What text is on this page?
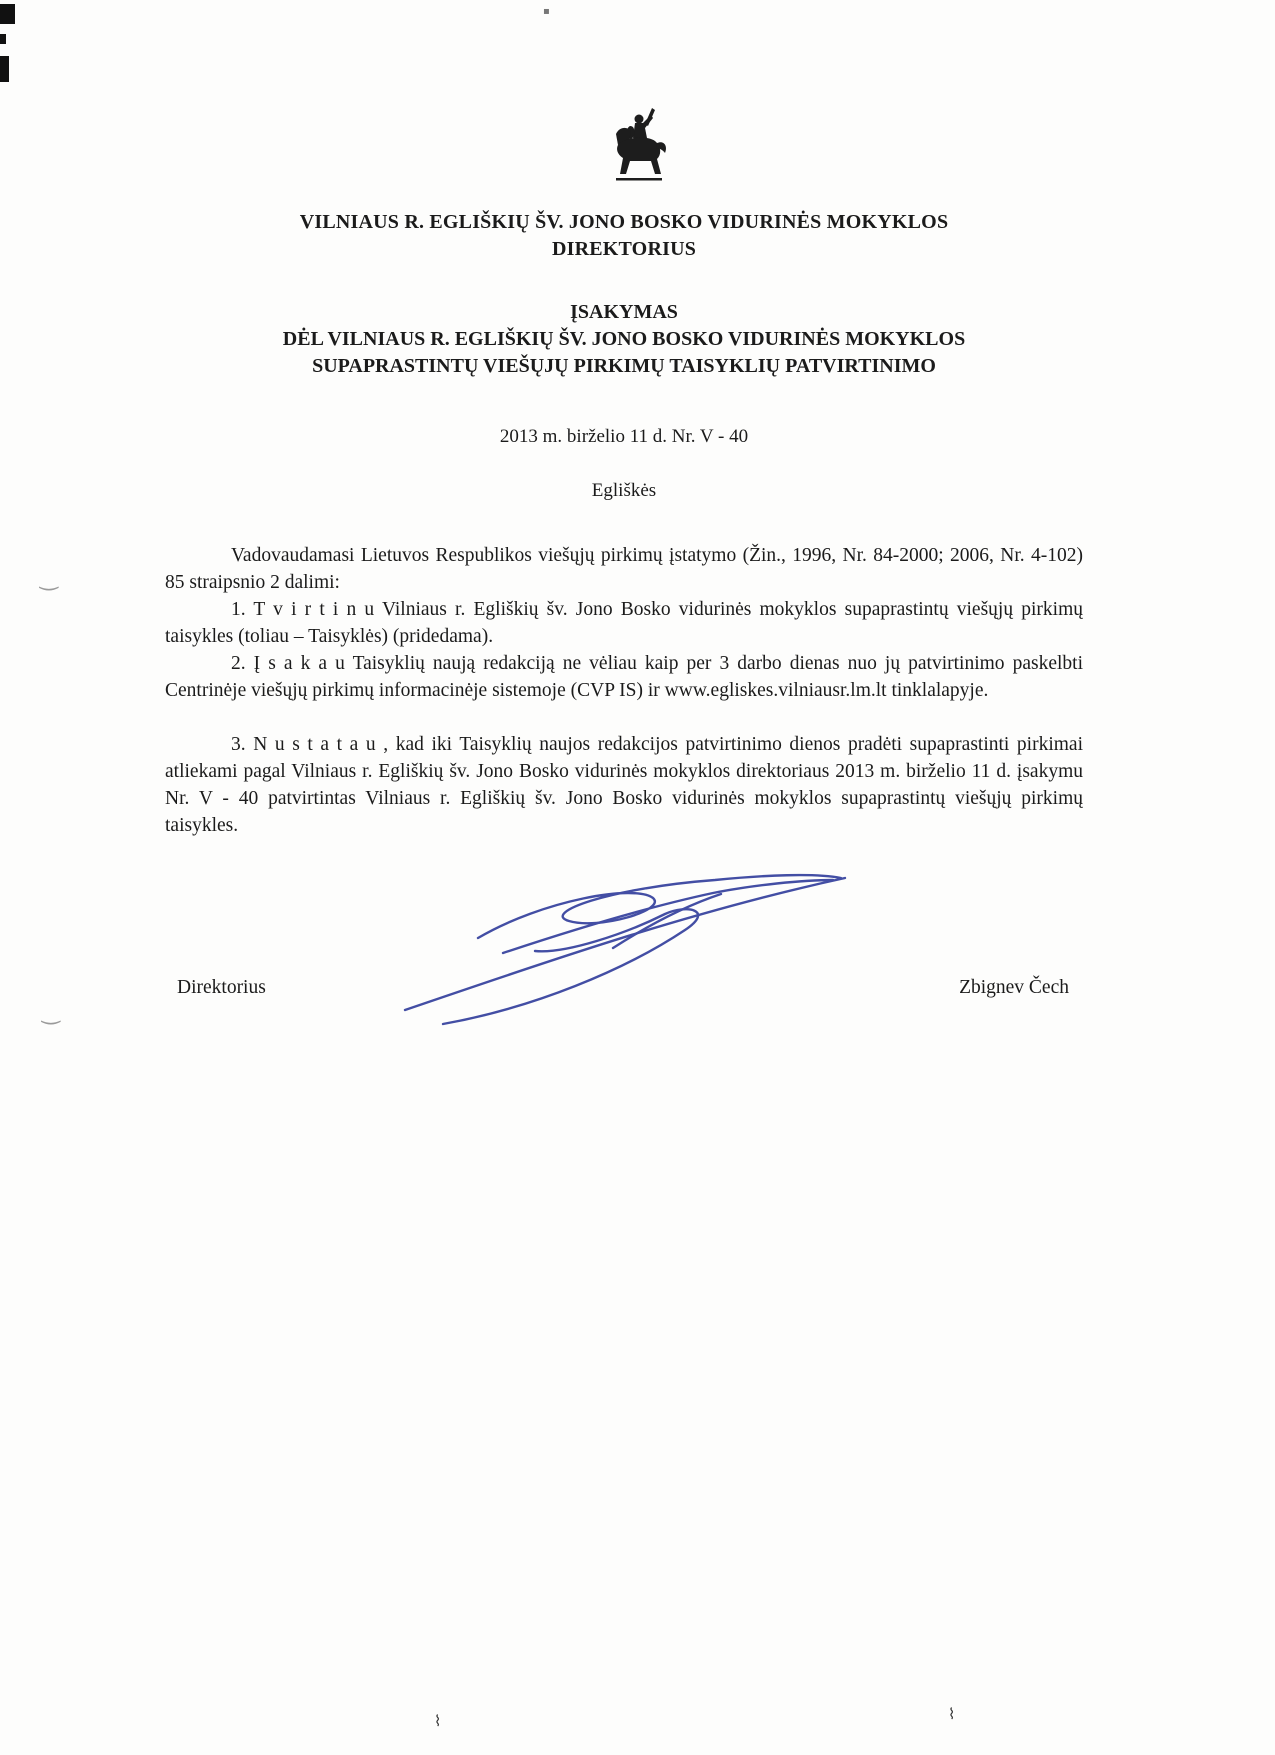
‿
‿
⌇	⌇
▪
VILNIAUS R. EGLIŠKIŲ ŠV. JONO BOSKO VIDURINĖS MOKYKLOS
DIREKTORIUS
ĮSAKYMAS
DĖL VILNIAUS R. EGLIŠKIŲ ŠV. JONO BOSKO VIDURINĖS MOKYKLOS
SUPAPRASTINTŲ VIEŠŲJŲ PIRKIMŲ TAISYKLIŲ PATVIRTINIMO
2013 m. birželio 11 d. Nr. V - 40
Egliškės

Vadovaudamasi Lietuvos Respublikos viešųjų pirkimų įstatymo (Žin., 1996, Nr. 84-2000; 2006, Nr. 4-102) 85 straipsnio 2 dalimi:

1. T v i r t i n u Vilniaus r. Egliškių šv. Jono Bosko vidurinės mokyklos supaprastintų viešųjų pirkimų taisykles (toliau – Taisyklės) (pridedama).

2. Į s a k a u Taisyklių naują redakciją ne vėliau kaip per 3 darbo dienas nuo jų patvirtinimo paskelbti Centrinėje viešųjų pirkimų informacinėje sistemoje (CVP IS) ir www.egliskes.vilniausr.lm.lt tinklalapyje.

3. N u s t a t a u , kad iki Taisyklių naujos redakcijos patvirtinimo dienos pradėti supaprastinti pirkimai atliekami pagal Vilniaus r. Egliškių šv. Jono Bosko vidurinės mokyklos direktoriaus 2013 m. birželio 11 d. įsakymu Nr. V - 40 patvirtintas Vilniaus r. Egliškių šv. Jono Bosko vidurinės mokyklos supaprastintų viešųjų pirkimų taisykles.

Direktorius	Zbignev Čech
